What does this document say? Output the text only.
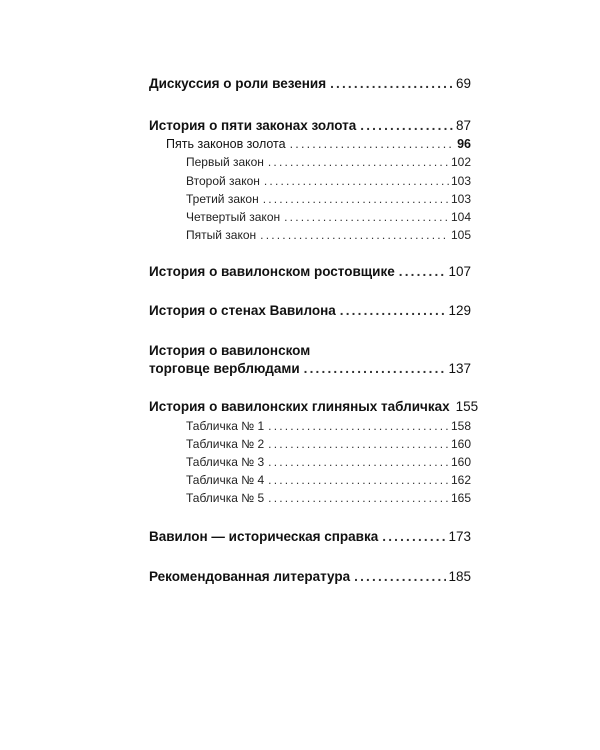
Дискуссия о роли везения .....	69
История о пяти законах золота .....	87
Пять законов золота .....	96
Первый закон .....	102
Второй закон .....	103
Третий закон .....	103
Четвертый закон .....	104
Пятый закон .....	105
История о вавилонском ростовщике .....	107
История о стенах Вавилона .....	129
История о вавилонском
торговце верблюдами .....	137
История о вавилонских глиняных табличках 155
Табличка № 1 .....	158
Табличка № 2 .....	160
Табличка № 3 .....	160
Табличка № 4 .....	162
Табличка № 5 .....	165
Вавилон — историческая справка .....	173
Рекомендованная литература .....	185
